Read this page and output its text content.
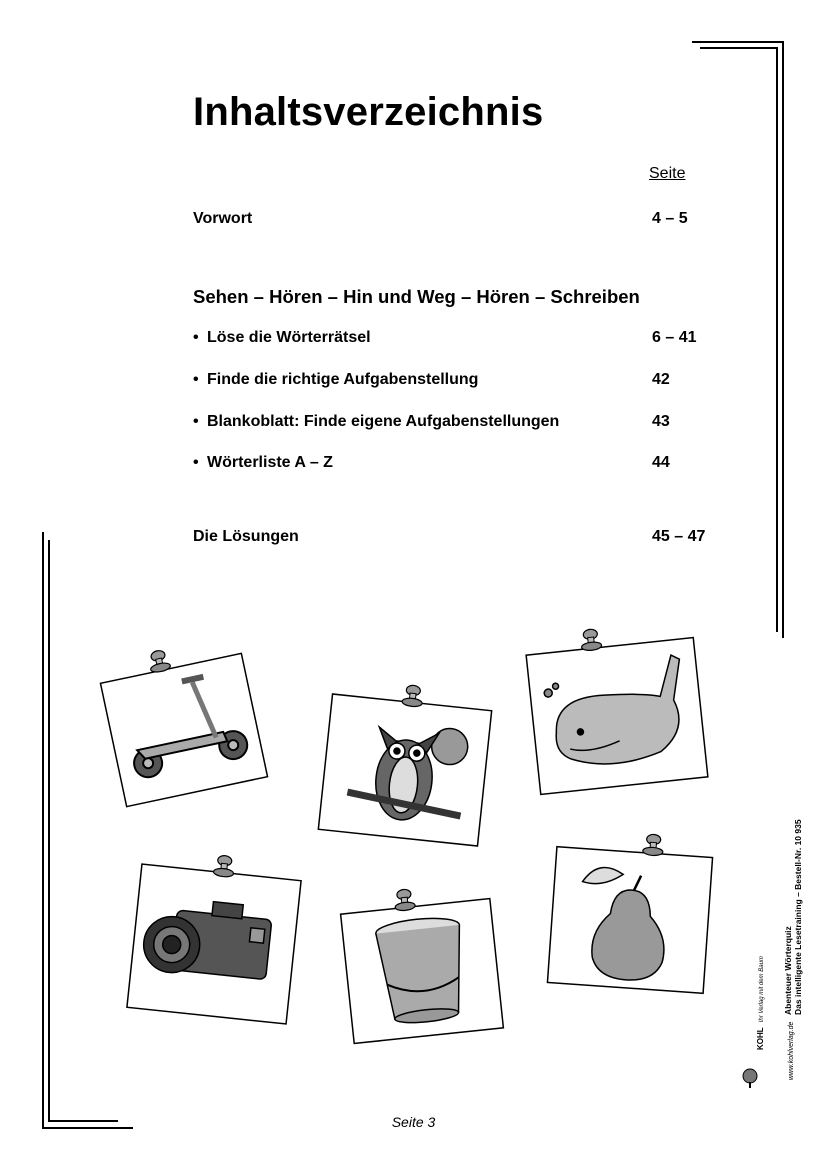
Inhaltsverzeichnis
Seite
Vorwort	4 – 5
Sehen – Hören – Hin und Weg – Hören – Schreiben
• Löse die Wörterrätsel	6 – 41
• Finde die richtige Aufgabenstellung	42
• Blankoblatt: Finde eigene Aufgabenstellungen	43
• Wörterliste A – Z	44
Die Lösungen	45 – 47
Abenteuer Wörterquiz Das intelligente Lesetraining – Bestell-Nr. 10 935
KOHL Ihr Verlag mit dem Baum
www.kohlverlag.de
Seite 3
